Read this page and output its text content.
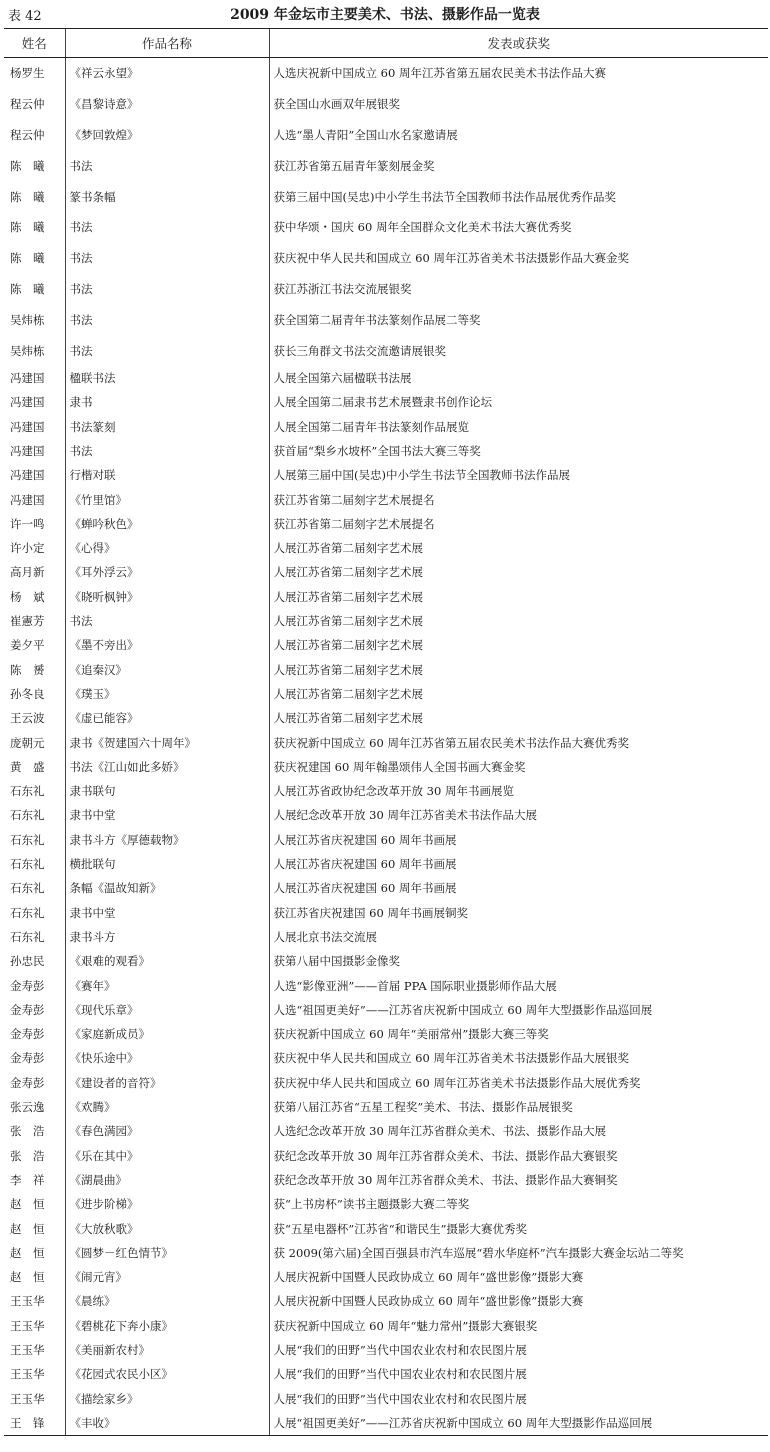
表 42	2009 年金坛市主要美术、书法、摄影作品一览表
姓名	作品名称	发表或获奖
杨罗生	《祥云永望》	人选庆祝新中国成立 60 周年江苏省第五届农民美术书法作品大赛
程云仲	《昌黎诗意》	获全国山水画双年展银奖
程云仲	《梦回敦煌》	人选“墨人青阳”全国山水名家邀请展
陈　曦	书法	获江苏省第五届青年篆刻展金奖
陈　曦	篆书条幅	获第三届中国(吴忠)中小学生书法节全国教师书法作品展优秀作品奖
陈　曦	书法	获中华颂・国庆 60 周年全国群众文化美术书法大赛优秀奖
陈　曦	书法	获庆祝中华人民共和国成立 60 周年江苏省美术书法摄影作品大赛金奖
陈　曦	书法	获江苏浙江书法交流展银奖
吴炜栋	书法	获全国第二届青年书法篆刻作品展二等奖
吴炜栋	书法	获长三角群文书法交流邀请展银奖
冯建国	楹联书法	人展全国第六届楹联书法展
冯建国	隶书	人展全国第二届隶书艺术展暨隶书创作论坛
冯建国	书法篆刻	人展全国第二届青年书法篆刻作品展览
冯建国	书法	获首届“梨乡水坡杯”全国书法大赛三等奖
冯建国	行楷对联	人展第三届中国(吴忠)中小学生书法节全国教师书法作品展
冯建国	《竹里馆》	获江苏省第二届刻字艺术展提名
许一鸣	《蝉吟秋色》	获江苏省第二届刻字艺术展提名
许小定	《心得》	人展江苏省第二届刻字艺术展
高月新	《耳外浮云》	人展江苏省第二届刻字艺术展
杨　斌	《晓听枫钟》	人展江苏省第二届刻字艺术展
崔憲芳	书法	人展江苏省第二届刻字艺术展
姜夕平	《墨不旁出》	人展江苏省第二届刻字艺术展
陈　赟	《追秦汉》	人展江苏省第二届刻字艺术展
孙冬良	《璞玉》	人展江苏省第二届刻字艺术展
王云波	《虚已能容》	人展江苏省第二届刻字艺术展
庞朝元	隶书《贺建国六十周年》	获庆祝新中国成立 60 周年江苏省第五届农民美术书法作品大赛优秀奖
黄　盛	书法《江山如此多娇》	获庆祝建国 60 周年翰墨颂伟人全国书画大赛金奖
石东礼	隶书联句	人展江苏省政协纪念改革开放 30 周年书画展览
石东礼	隶书中堂	人展纪念改革开放 30 周年江苏省美术书法作品大展
石东礼	隶书斗方《厚德载物》	人展江苏省庆祝建国 60 周年书画展
石东礼	横批联句	人展江苏省庆祝建国 60 周年书画展
石东礼	条幅《温故知新》	人展江苏省庆祝建国 60 周年书画展
石东礼	隶书中堂	获江苏省庆祝建国 60 周年书画展铜奖
石东礼	隶书斗方	人展北京书法交流展
孙忠民	《艰难的观看》	获第八届中国摄影金像奖
金寿彭	《赛年》	人选“影像亚洲”——首届 PPA 国际职业摄影师作品大展
金寿彭	《现代乐章》	人选“祖国更美好”——江苏省庆祝新中国成立 60 周年大型摄影作品巡回展
金寿彭	《家庭新成员》	获庆祝新中国成立 60 周年“美丽常州”摄影大赛三等奖
金寿彭	《快乐途中》	获庆祝中华人民共和国成立 60 周年江苏省美术书法摄影作品大展银奖
金寿彭	《建设者的音符》	获庆祝中华人民共和国成立 60 周年江苏省美术书法摄影作品大展优秀奖
张云逸	《欢腾》	获第八届江苏省“五星工程奖”美术、书法、摄影作品展银奖
张　浩	《春色满园》	人选纪念改革开放 30 周年江苏省群众美术、书法、摄影作品大展
张　浩	《乐在其中》	获纪念改革开放 30 周年江苏省群众美术、书法、摄影作品大赛银奖
李　祥	《湖晨曲》	获纪念改革开放 30 周年江苏省群众美术、书法、摄影作品大赛铜奖
赵　恒	《进步阶梯》	获“上书房杯”读书主题摄影大赛二等奖
赵　恒	《大放秋歌》	获“五星电器杯”江苏省“和谐民生”摄影大赛优秀奖
赵　恒	《圆梦－红色情节》	获 2009(第六届)全国百强县市汽车巡展“碧水华庭杯”汽车摄影大赛金坛站二等奖
赵　恒	《闹元宵》	人展庆祝新中国暨人民政协成立 60 周年“盛世影像”摄影大赛
王玉华	《晨练》	人展庆祝新中国暨人民政协成立 60 周年“盛世影像”摄影大赛
王玉华	《碧桃花下奔小康》	获庆祝新中国成立 60 周年“魅力常州”摄影大赛银奖
王玉华	《美丽新农村》	人展“我们的田野”当代中国农业农村和农民图片展
王玉华	《花园式农民小区》	人展“我们的田野”当代中国农业农村和农民图片展
王玉华	《描绘家乡》	人展“我们的田野”当代中国农业农村和农民图片展
王　锋	《丰收》	人展“祖国更美好”——江苏省庆祝新中国成立 60 周年大型摄影作品巡回展
